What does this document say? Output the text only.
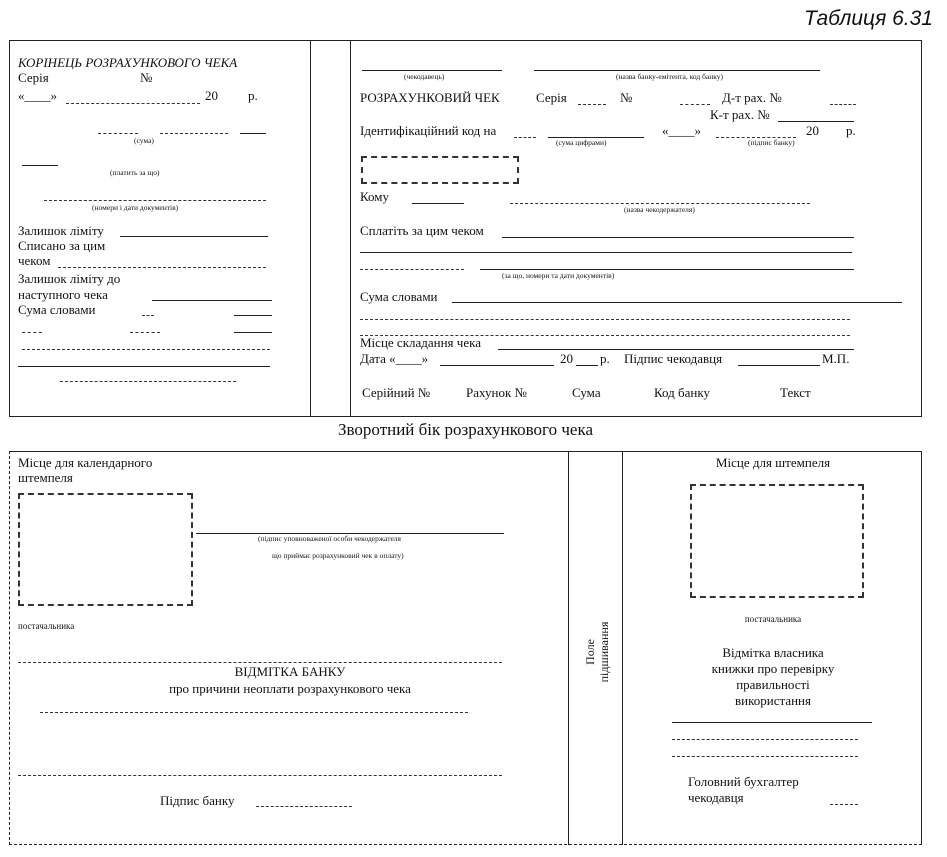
Таблиця 6.31
КОРІНЕЦЬ РОЗРАХУНКОВОГО ЧЕКА
Серія	№
«____»	20 р.
(сума)
(платить за що)
(номери і дати документів)
Залишок ліміту
Списано за цим
чеком
Залишок ліміту до
наступного чека
Сума словами
(чекодавець)	(назва банку-емітента, код банку)
РОЗРАХУНКОВИЙ ЧЕК	Серія	№	Д-т рах. №
К-т рах. №
Ідентифікаційний код на
(сума цифрами)
«____»	20 р.
(підпис банку)
Кому
(назва чекодержателя)
Сплатіть за цим чеком
(за що, номери та дати документів)
Сума словами
Місце складання чека
Дата «____»	20 р. Підпис чекодавця	М.П.
Серійний №	Рахунок №	Сума	Код банку	Текст
Зворотний бік розрахункового чека
Місце для календарного
штемпеля
(підпис уповноваженої особи чекодержателя
що приймає розрахунковий чек в оплату)
постачальника
ВІДМІТКА БАНКУ
про причини неоплати розрахункового чека
Підпис банку
Поле підшивання
Місце для штемпеля
постачальника
Відмітка власника
книжки про перевірку
правильності
використання
Головний бухгалтер
чекодавця
